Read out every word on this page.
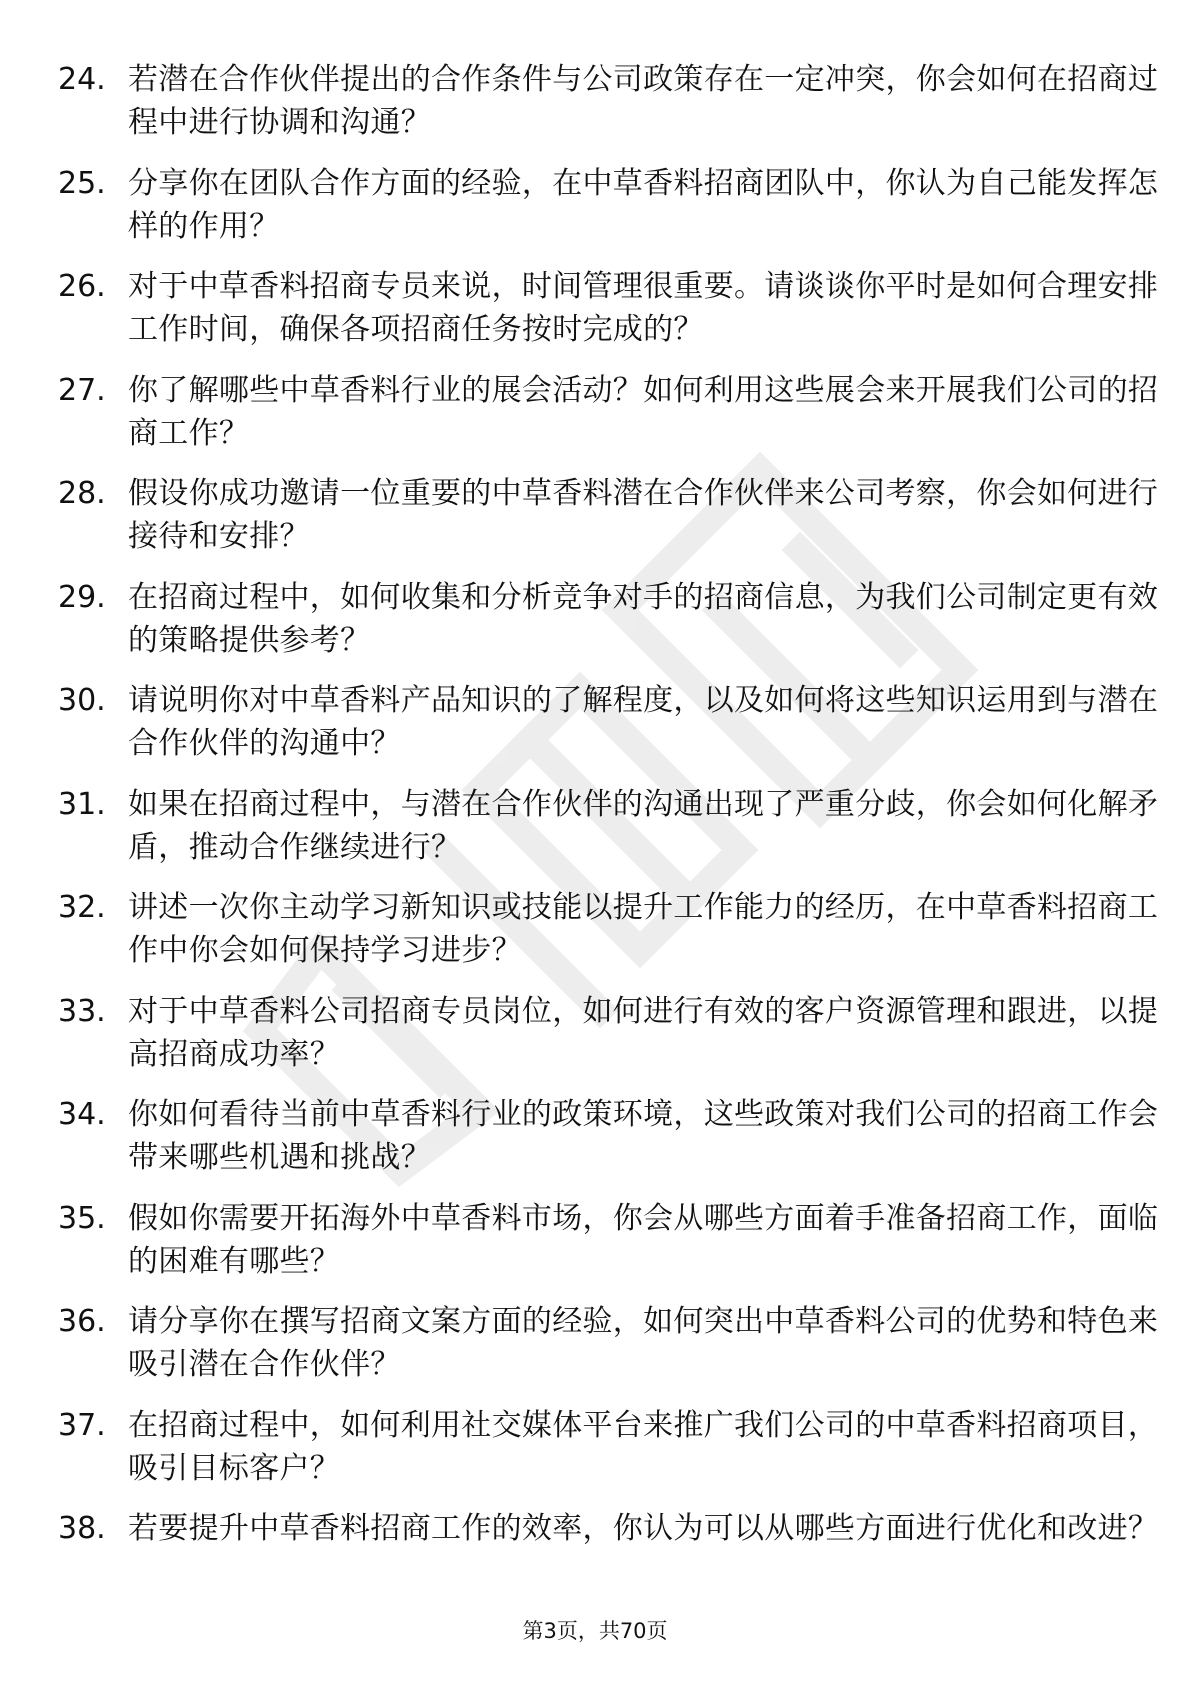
24. 若潜在合作伙伴提出的合作条件与公司政策存在一定冲突，你会如何在招商过程中进行协调和沟通？
25. 分享你在团队合作方面的经验，在中草香料招商团队中，你认为自己能发挥怎样的作用？
26. 对于中草香料招商专员来说，时间管理很重要。请谈谈你平时是如何合理安排工作时间，确保各项招商任务按时完成的？
27. 你了解哪些中草香料行业的展会活动？如何利用这些展会来开展我们公司的招商工作？
28. 假设你成功邀请一位重要的中草香料潜在合作伙伴来公司考察，你会如何进行接待和安排？
29. 在招商过程中，如何收集和分析竞争对手的招商信息，为我们公司制定更有效的策略提供参考？
30. 请说明你对中草香料产品知识的了解程度，以及如何将这些知识运用到与潜在合作伙伴的沟通中？
31. 如果在招商过程中，与潜在合作伙伴的沟通出现了严重分歧，你会如何化解矛盾，推动合作继续进行？
32. 讲述一次你主动学习新知识或技能以提升工作能力的经历，在中草香料招商工作中你会如何保持学习进步？
33. 对于中草香料公司招商专员岗位，如何进行有效的客户资源管理和跟进，以提高招商成功率？
34. 你如何看待当前中草香料行业的政策环境，这些政策对我们公司的招商工作会带来哪些机遇和挑战？
35. 假如你需要开拓海外中草香料市场，你会从哪些方面着手准备招商工作，面临的困难有哪些？
36. 请分享你在撰写招商文案方面的经验，如何突出中草香料公司的优势和特色来吸引潜在合作伙伴？
37. 在招商过程中，如何利用社交媒体平台来推广我们公司的中草香料招商项目，吸引目标客户？
38. 若要提升中草香料招商工作的效率，你认为可以从哪些方面进行优化和改进？
第3页，共70页
